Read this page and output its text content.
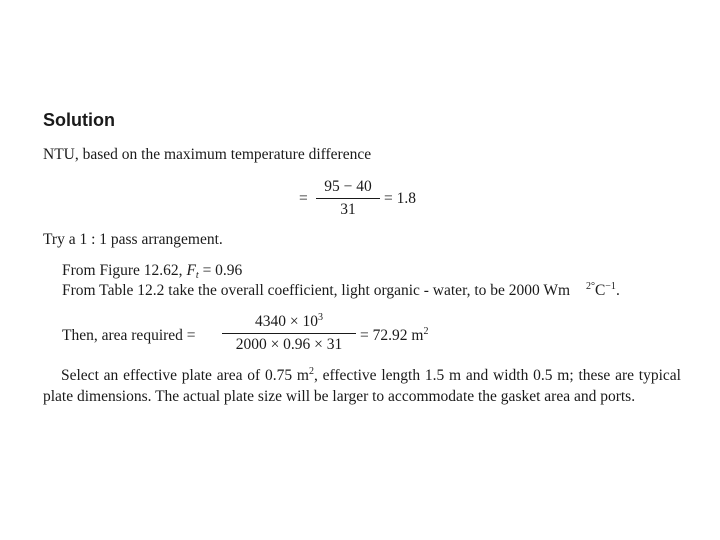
Solution
NTU, based on the maximum temperature difference
=
95 − 40
31
= 1.8
Try a 1 : 1 pass arrangement.
From Figure 12.62, $F_t = 0.96$
From Table 12.2 take the overall coefficient, light organic - water, to be 2000 Wm $^{2^\circ}C^{-1}$.
Then, area required =
$4340 \times 10^3$
2000 × 0.96 × 31
= 72.92 $m^2$
Select an effective plate area of 0.75 $m^2$, effective length 1.5 m and width 0.5 m; these are typical plate dimensions. The actual plate size will be larger to accommodate the gasket area and ports.
